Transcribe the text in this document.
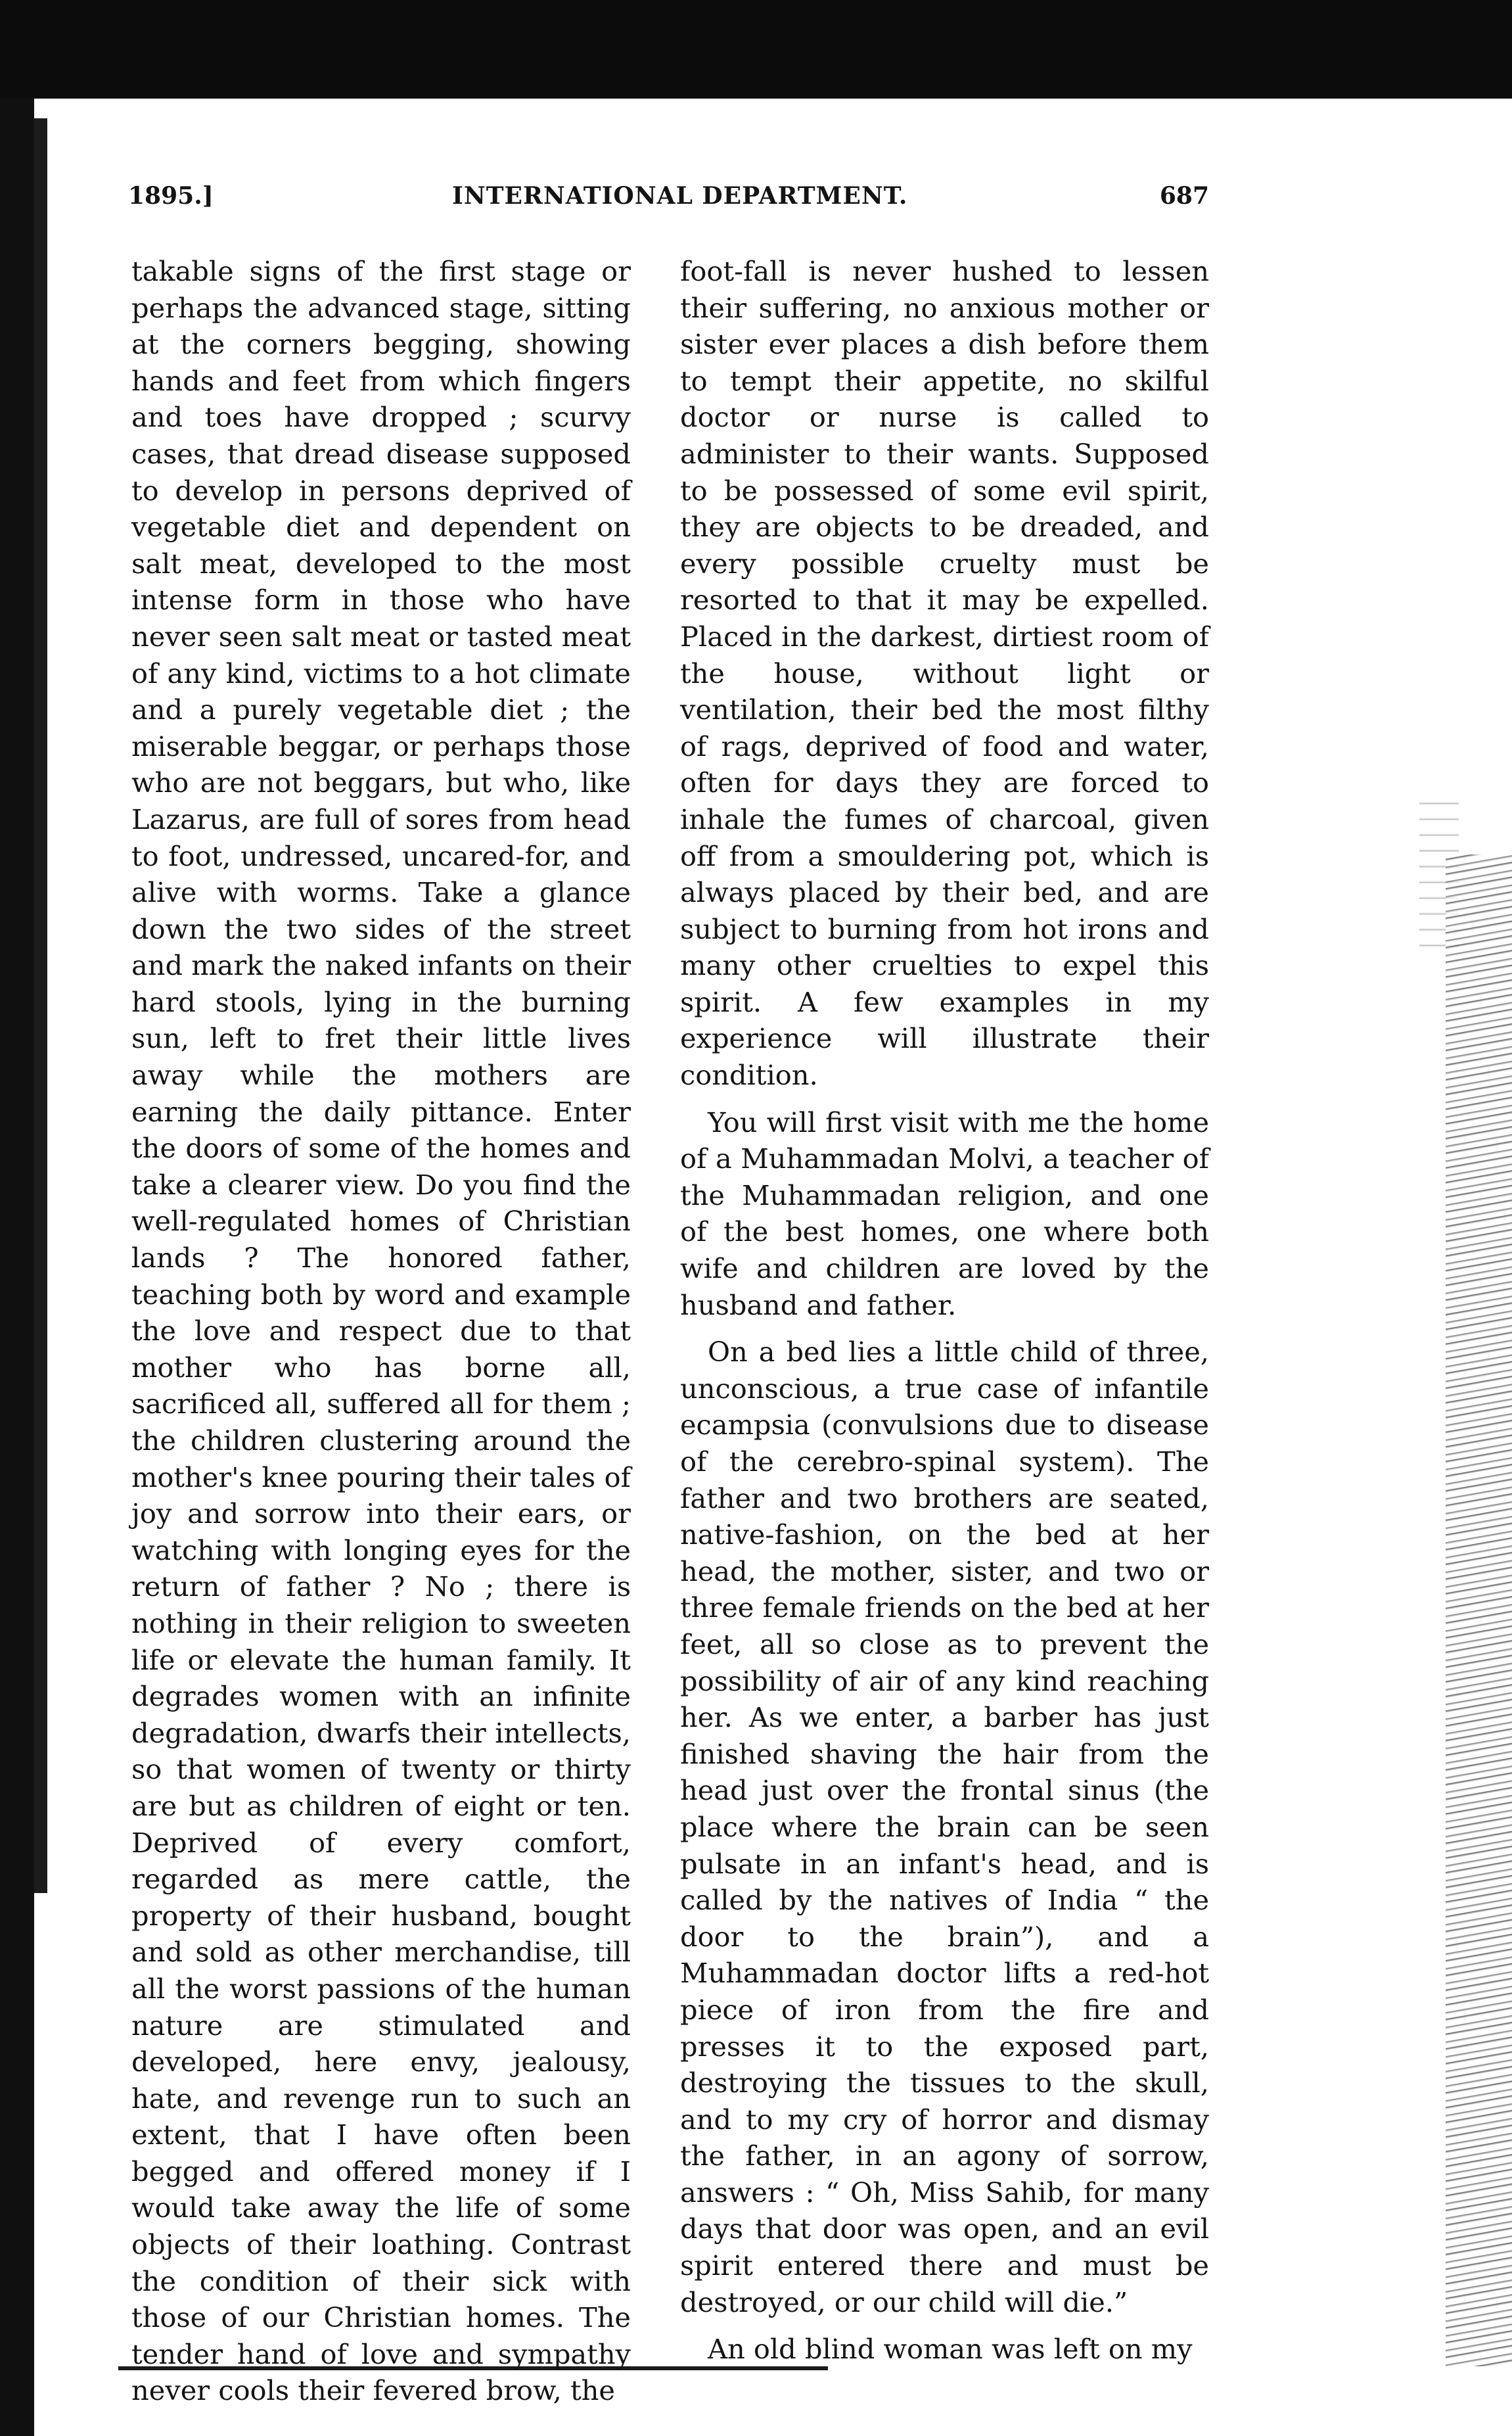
1895.]	INTERNATIONAL DEPARTMENT.	687

takable signs of the first stage or perhaps the advanced stage, sitting at the corners begging, showing hands and feet from which fingers and toes have dropped ; scurvy cases, that dread disease supposed to develop in persons deprived of vegetable diet and dependent on salt meat, developed to the most intense form in those who have never seen salt meat or tasted meat of any kind, victims to a hot climate and a purely vegetable diet ; the miserable beggar, or perhaps those who are not beggars, but who, like Lazarus, are full of sores from head to foot, undressed, uncared-for, and alive with worms. Take a glance down the two sides of the street and mark the naked infants on their hard stools, lying in the burning sun, left to fret their little lives away while the mothers are earning the daily pittance. Enter the doors of some of the homes and take a clearer view. Do you find the well-regulated homes of Christian lands ? The honored father, teaching both by word and example the love and respect due to that mother who has borne all, sacrificed all, suffered all for them ; the children clustering around the mother's knee pouring their tales of joy and sorrow into their ears, or watching with longing eyes for the return of father ? No ; there is nothing in their religion to sweeten life or elevate the human family. It degrades women with an infinite degradation, dwarfs their intellects, so that women of twenty or thirty are but as children of eight or ten. Deprived of every comfort, regarded as mere cattle, the property of their husband, bought and sold as other merchandise, till all the worst passions of the human nature are stimulated and developed, here envy, jealousy, hate, and revenge run to such an extent, that I have often been begged and offered money if I would take away the life of some objects of their loathing. Contrast the condition of their sick with those of our Christian homes. The tender hand of love and sympathy never cools their fevered brow, the

foot-fall is never hushed to lessen their suffering, no anxious mother or sister ever places a dish before them to tempt their appetite, no skilful doctor or nurse is called to administer to their wants. Supposed to be possessed of some evil spirit, they are objects to be dreaded, and every possible cruelty must be resorted to that it may be expelled. Placed in the darkest, dirtiest room of the house, without light or ventilation, their bed the most filthy of rags, deprived of food and water, often for days they are forced to inhale the fumes of charcoal, given off from a smouldering pot, which is always placed by their bed, and are subject to burning from hot irons and many other cruelties to expel this spirit. A few examples in my experience will illustrate their condition.

You will first visit with me the home of a Muhammadan Molvi, a teacher of the Muhammadan religion, and one of the best homes, one where both wife and children are loved by the husband and father.

On a bed lies a little child of three, unconscious, a true case of infantile ecampsia (convulsions due to disease of the cerebro-spinal system). The father and two brothers are seated, native-fashion, on the bed at her head, the mother, sister, and two or three female friends on the bed at her feet, all so close as to prevent the possibility of air of any kind reaching her. As we enter, a barber has just finished shaving the hair from the head just over the frontal sinus (the place where the brain can be seen pulsate in an infant's head, and is called by the natives of India “ the door to the brain”), and a Muhammadan doctor lifts a red-hot piece of iron from the fire and presses it to the exposed part, destroying the tissues to the skull, and to my cry of horror and dismay the father, in an agony of sorrow, answers : “ Oh, Miss Sahib, for many days that door was open, and an evil spirit entered there and must be destroyed, or our child will die.”

An old blind woman was left on my
